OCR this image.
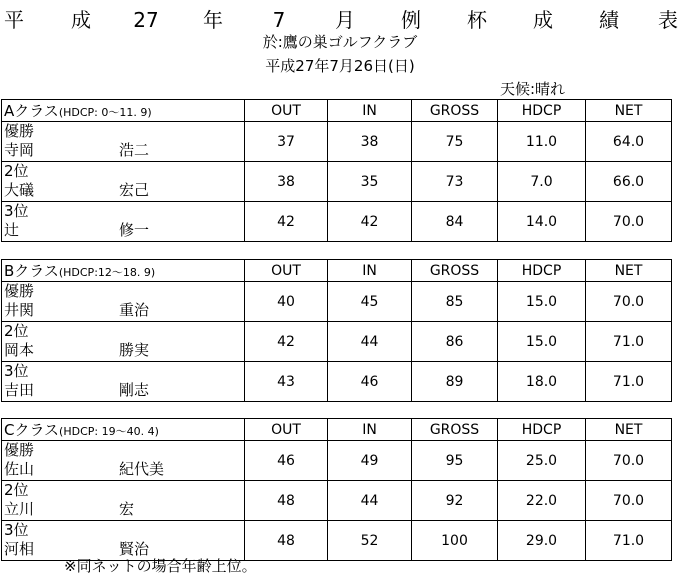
平 成 27 年 7 月 例 杯 成 績 表
於:鷹の巣ゴルフクラブ
平成27年7月26日(日)
天候:晴れ
Aクラス(HDCP: 0〜11. 9)	OUT	IN	GROSS	HDCP	NET

優勝
寺岡 浩二	37	38	75	11.0	64.0

2位
大礒 宏己	38	35	73	7.0	66.0

3位
辻 修一	42	42	84	14.0	70.0
Bクラス(HDCP:12〜18. 9)	OUT	IN	GROSS	HDCP	NET

優勝
井関 重治	40	45	85	15.0	70.0

2位
岡本 勝実	42	44	86	15.0	71.0

3位
吉田 剛志	43	46	89	18.0	71.0
Cクラス(HDCP: 19〜40. 4)	OUT	IN	GROSS	HDCP	NET

優勝
佐山 紀代美	46	49	95	25.0	70.0

2位
立川 宏	48	44	92	22.0	70.0

3位
河相 賢治	48	52	100	29.0	71.0
※同ネットの場合年齢上位。
